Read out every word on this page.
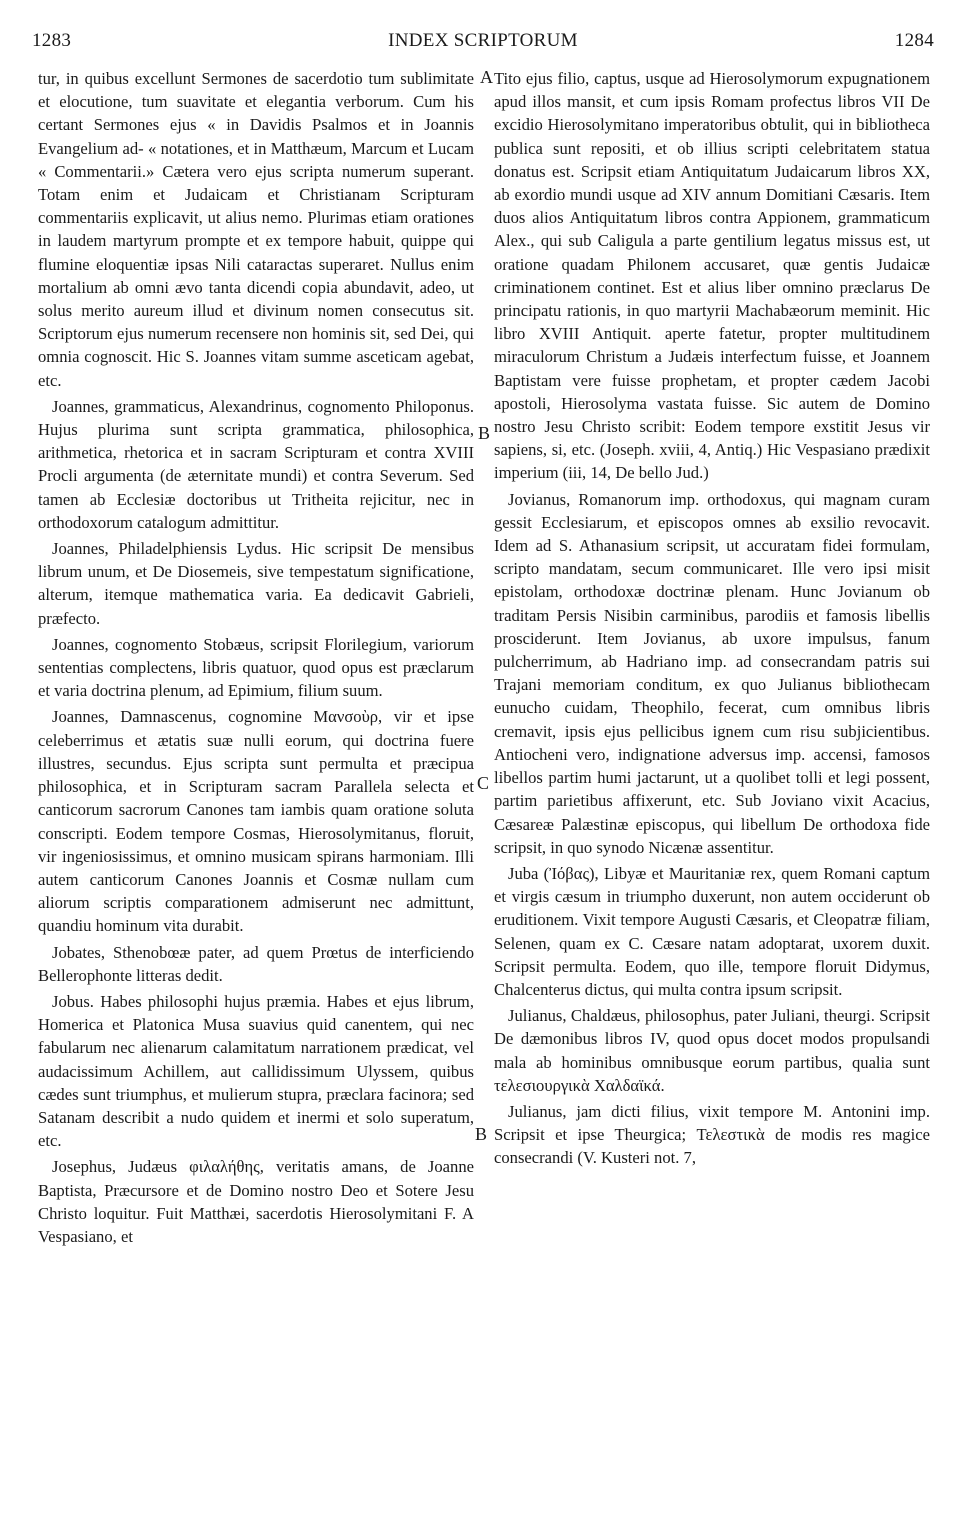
1283	INDEX SCRIPTORUM	1284

tur, in quibus excellunt Sermones de sacerdotio tum sublimitate et elocutione, tum suavitate et elegantia verborum. Cum his certant Sermones ejus « in Davidis Psalmos et in Joannis Evangelium ad- « notationes, et in Matthæum, Marcum et Lucam « Commentarii.» Cætera vero ejus scripta numerum superant. Totam enim et Judaicam et Christianam Scripturam commentariis explicavit, ut alius nemo. Plurimas etiam orationes in laudem martyrum prompte et ex tempore habuit, quippe qui flumine eloquentiæ ipsas Nili cataractas superaret. Nullus enim mortalium ab omni ævo tanta dicendi copia abundavit, adeo, ut solus merito aureum illud et divinum nomen consecutus sit. Scriptorum ejus numerum recensere non hominis sit, sed Dei, qui omnia cognoscit. Hic S. Joannes vitam summe asceticam agebat, etc.

Joannes, grammaticus, Alexandrinus, cognomento Philoponus. Hujus plurima sunt scripta grammatica, philosophica, arithmetica, rhetorica et in sacram Scripturam et contra XVIII Procli argumenta (de æternitate mundi) et contra Severum. Sed tamen ab Ecclesiæ doctoribus ut Tritheita rejicitur, nec in orthodoxorum catalogum admittitur.

Joannes, Philadelphiensis Lydus. Hic scripsit De mensibus librum unum, et De Diosemeis, sive tempestatum significatione, alterum, itemque mathematica varia. Ea dedicavit Gabrieli, præfecto.

Joannes, cognomento Stobæus, scripsit Florilegium, variorum sententias complectens, libris quatuor, quod opus est præclarum et varia doctrina plenum, ad Epimium, filium suum.

Joannes, Damnascenus, cognomine Μανσοὺρ, vir et ipse celeberrimus et ætatis suæ nulli eorum, qui doctrina fuere illustres, secundus. Ejus scripta sunt permulta et præcipua philosophica, et in Scripturam sacram Parallela selecta et canticorum sacrorum Canones tam iambis quam oratione soluta conscripti. Eodem tempore Cosmas, Hierosolymitanus, floruit, vir ingeniosissimus, et omnino musicam spirans harmoniam. Illi autem canticorum Canones Joannis et Cosmæ nullam cum aliorum scriptis comparationem admiserunt nec admittunt, quandiu hominum vita durabit.

Jobates, Sthenobœæ pater, ad quem Prœtus de interficiendo Bellerophonte litteras dedit.

Jobus. Habes philosophi hujus præmia. Habes et ejus librum, Homerica et Platonica Musa suavius quid canentem, qui nec fabularum nec alienarum calamitatum narrationem prædicat, vel audacissimum Achillem, aut callidissimum Ulyssem, quibus cædes sunt triumphus, et mulierum stupra, præclara facinora; sed Satanam describit a nudo quidem et inermi et solo superatum, etc.

Josephus, Judæus φιλαλήθης, veritatis amans, de Joanne Baptista, Præcursore et de Domino nostro Deo et Sotere Jesu Christo loquitur. Fuit Matthæi, sacerdotis Hierosolymitani F. A Vespasiano, et

A
B
C
B

Tito ejus filio, captus, usque ad Hierosolymorum expugnationem apud illos mansit, et cum ipsis Romam profectus libros VII De excidio Hierosolymitano imperatoribus obtulit, qui in bibliotheca publica sunt repositi, et ob illius scripti celebritatem statua donatus est. Scripsit etiam Antiquitatum Judaicarum libros XX, ab exordio mundi usque ad XIV annum Domitiani Cæsaris. Item duos alios Antiquitatum libros contra Appionem, grammaticum Alex., qui sub Caligula a parte gentilium legatus missus est, ut oratione quadam Philonem accusaret, quæ gentis Judaicæ criminationem continet. Est et alius liber omnino præclarus De principatu rationis, in quo martyrii Machabæorum meminit. Hic libro XVIII Antiquit. aperte fatetur, propter multitudinem miraculorum Christum a Judæis interfectum fuisse, et Joannem Baptistam vere fuisse prophetam, et propter cædem Jacobi apostoli, Hierosolyma vastata fuisse. Sic autem de Domino nostro Jesu Christo scribit: Eodem tempore exstitit Jesus vir sapiens, si, etc. (Joseph. xviii, 4, Antiq.) Hic Vespasiano prædixit imperium (iii, 14, De bello Jud.)

Jovianus, Romanorum imp. orthodoxus, qui magnam curam gessit Ecclesiarum, et episcopos omnes ab exsilio revocavit. Idem ad S. Athanasium scripsit, ut accuratam fidei formulam, scripto mandatam, secum communicaret. Ille vero ipsi misit epistolam, orthodoxæ doctrinæ plenam. Hunc Jovianum ob traditam Persis Nisibin carminibus, parodiis et famosis libellis prosciderunt. Item Jovianus, ab uxore impulsus, fanum pulcherrimum, ab Hadriano imp. ad consecrandam patris sui Trajani memoriam conditum, ex quo Julianus bibliothecam eunucho cuidam, Theophilo, fecerat, cum omnibus libris cremavit, ipsis ejus pellicibus ignem cum risu subjicientibus. Antiocheni vero, indignatione adversus imp. accensi, famosos libellos partim humi jactarunt, ut a quolibet tolli et legi possent, partim parietibus affixerunt, etc. Sub Joviano vixit Acacius, Cæsareæ Palæstinæ episcopus, qui libellum De orthodoxa fide scripsit, in quo synodo Nicænæ assentitur.

Juba (Ἰόβας), Libyæ et Mauritaniæ rex, quem Romani captum et virgis cæsum in triumpho duxerunt, non autem occiderunt ob eruditionem. Vixit tempore Augusti Cæsaris, et Cleopatræ filiam, Selenen, quam ex C. Cæsare natam adoptarat, uxorem duxit. Scripsit permulta. Eodem, quo ille, tempore floruit Didymus, Chalcenterus dictus, qui multa contra ipsum scripsit.

Julianus, Chaldæus, philosophus, pater Juliani, theurgi. Scripsit De dæmonibus libros IV, quod opus docet modos propulsandi mala ab hominibus omnibusque eorum partibus, qualia sunt τελεσιουργικὰ Χαλδαϊκά.

Julianus, jam dicti filius, vixit tempore M. Antonini imp. Scripsit et ipse Theurgica; Τελεστικὰ de modis res magice consecrandi (V. Kusteri not. 7,
